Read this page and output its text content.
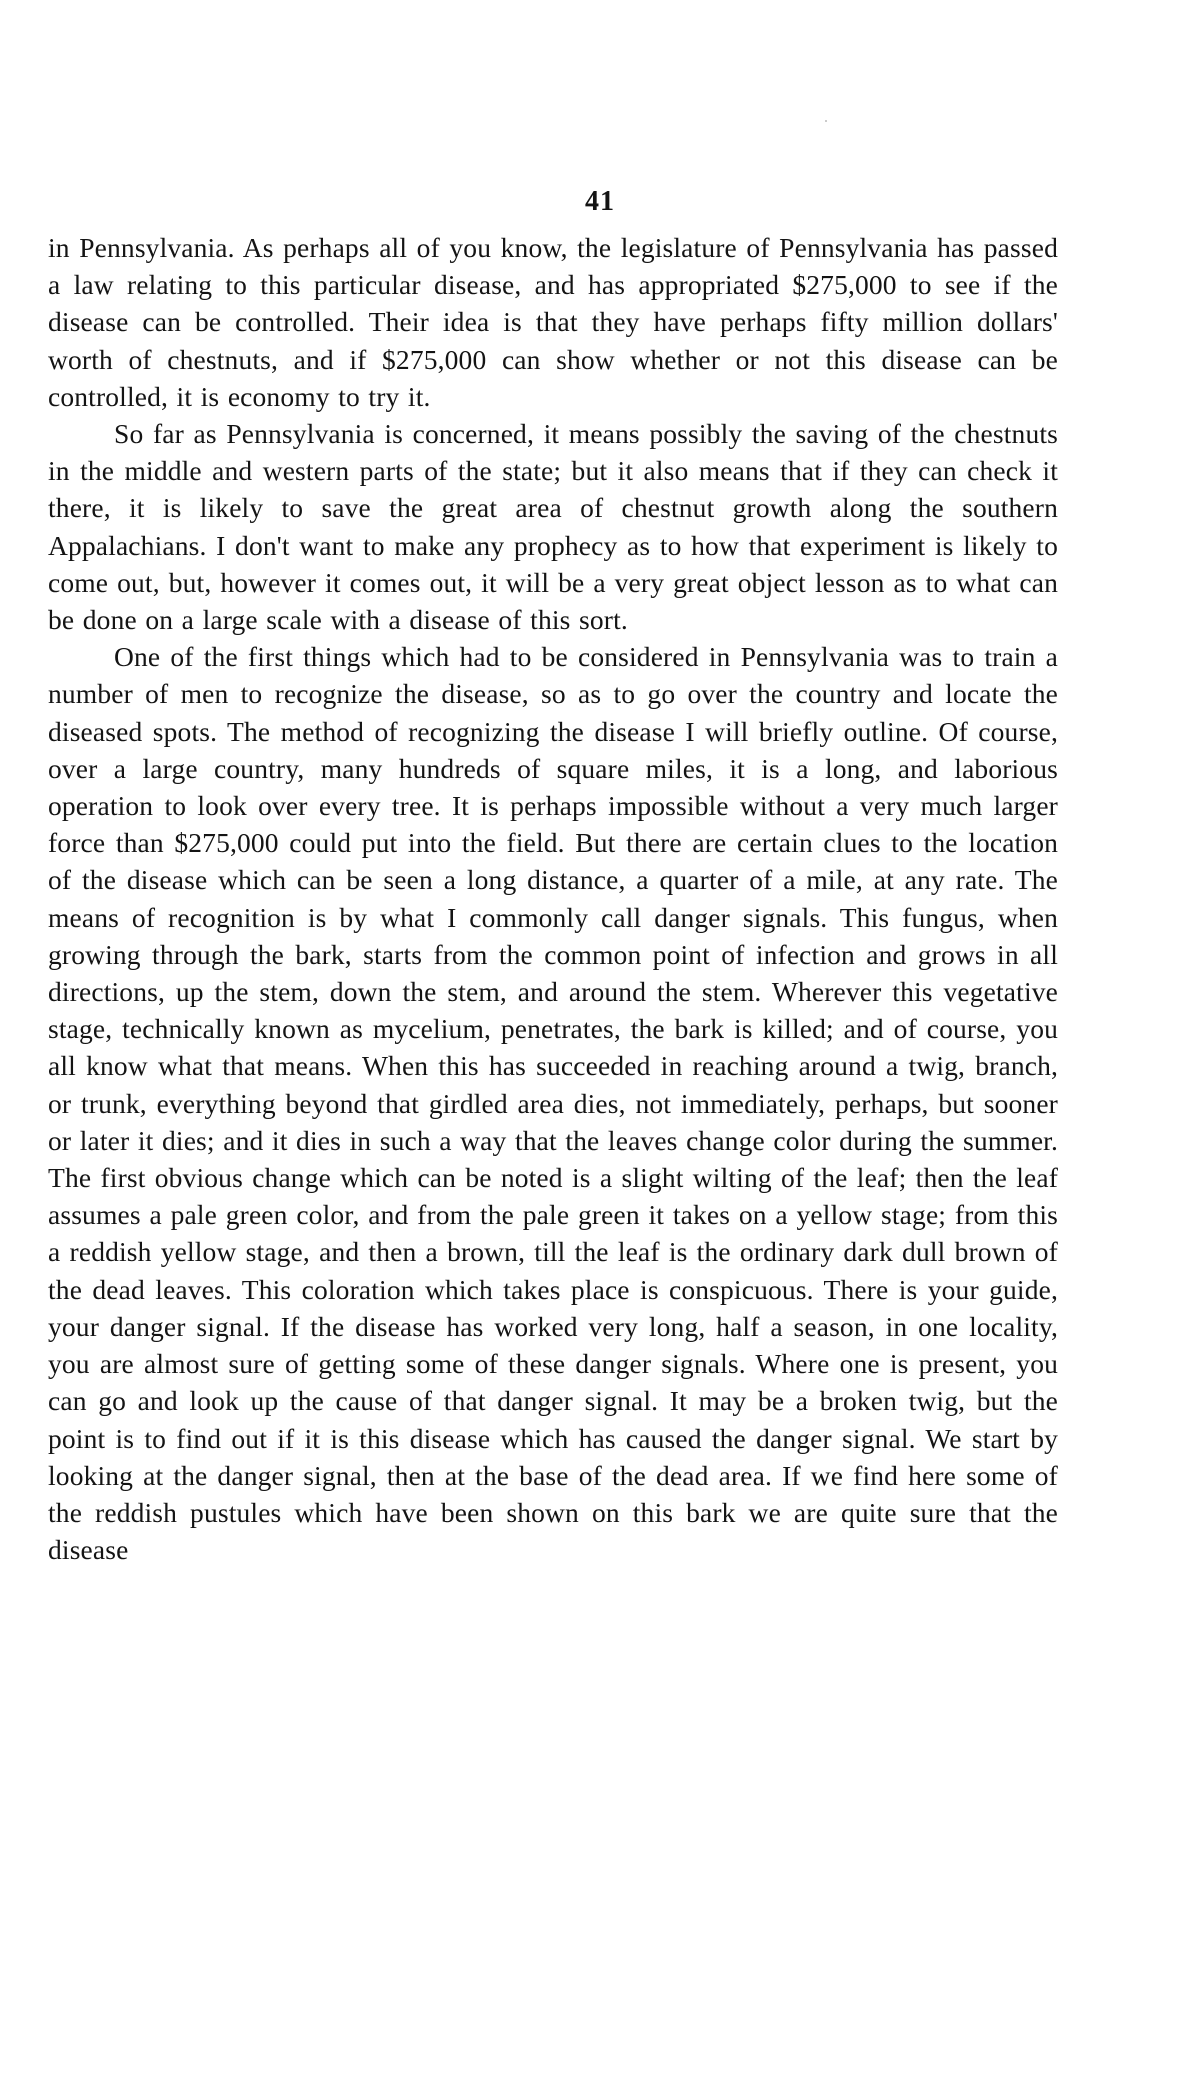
41

in Pennsylvania. As perhaps all of you know, the legislature of Pennsylvania has passed a law relating to this particular disease, and has appropriated $275,000 to see if the disease can be controlled. Their idea is that they have perhaps fifty million dollars' worth of chestnuts, and if $275,000 can show whether or not this disease can be controlled, it is economy to try it.

So far as Pennsylvania is concerned, it means possibly the saving of the chestnuts in the middle and western parts of the state; but it also means that if they can check it there, it is likely to save the great area of chestnut growth along the southern Appalachians. I don't want to make any prophecy as to how that experiment is likely to come out, but, however it comes out, it will be a very great object lesson as to what can be done on a large scale with a disease of this sort.

One of the first things which had to be considered in Pennsylvania was to train a number of men to recognize the disease, so as to go over the country and locate the diseased spots. The method of recognizing the disease I will briefly outline. Of course, over a large country, many hundreds of square miles, it is a long, and laborious operation to look over every tree. It is perhaps impossible without a very much larger force than $275,000 could put into the field. But there are certain clues to the location of the disease which can be seen a long distance, a quarter of a mile, at any rate. The means of recognition is by what I commonly call danger signals. This fungus, when growing through the bark, starts from the common point of infection and grows in all directions, up the stem, down the stem, and around the stem. Wherever this vegetative stage, technically known as mycelium, penetrates, the bark is killed; and of course, you all know what that means. When this has succeeded in reaching around a twig, branch, or trunk, everything beyond that girdled area dies, not immediately, perhaps, but sooner or later it dies; and it dies in such a way that the leaves change color during the summer. The first obvious change which can be noted is a slight wilting of the leaf; then the leaf assumes a pale green color, and from the pale green it takes on a yellow stage; from this a reddish yellow stage, and then a brown, till the leaf is the ordinary dark dull brown of the dead leaves. This coloration which takes place is conspicuous. There is your guide, your danger signal. If the disease has worked very long, half a season, in one locality, you are almost sure of getting some of these danger signals. Where one is present, you can go and look up the cause of that danger signal. It may be a broken twig, but the point is to find out if it is this disease which has caused the danger signal. We start by looking at the danger signal, then at the base of the dead area. If we find here some of the reddish pustules which have been shown on this bark we are quite sure that the disease
